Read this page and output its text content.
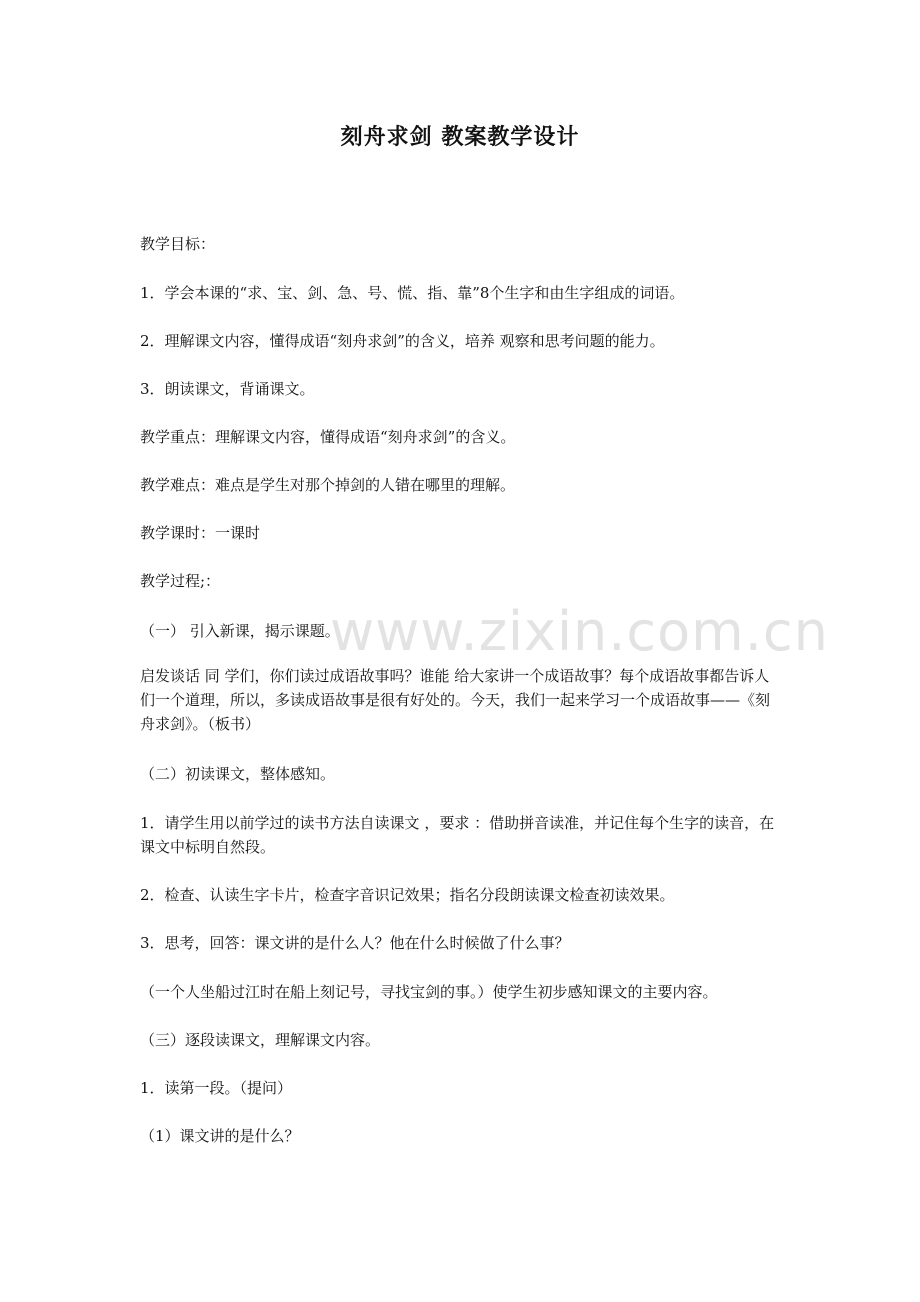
www.zixin.com.cn
刻舟求剑 教案教学设计

教学目标：

1．学会本课的“求、宝、剑、急、号、慌、指、靠”8个生字和由生字组成的词语。

2．理解课文内容，懂得成语“刻舟求剑”的含义，培养 观察和思考问题的能力。

3．朗读课文，背诵课文。

教学重点：理解课文内容，懂得成语“刻舟求剑”的含义。

教学难点：难点是学生对那个掉剑的人错在哪里的理解。

教学课时：一课时

教学过程;：

（一） 引入新课，揭示课题。

启发谈话 同 学们，你们读过成语故事吗？谁能 给大家讲一个成语故事？每个成语故事都告诉人们一个道理，所以，多读成语故事是很有好处的。今天，我们一起来学习一个成语故事——《刻舟求剑》。（板书）

（二）初读课文，整体感知。

1．请学生用以前学过的读书方法自读课文 ，要求 ：借助拼音读准，并记住每个生字的读音，在课文中标明自然段。

2．检查、认读生字卡片，检查字音识记效果；指名分段朗读课文检查初读效果。

3．思考，回答：课文讲的是什么人？他在什么时候做了什么事？

（一个人坐船过江时在船上刻记号，寻找宝剑的事。）使学生初步感知课文的主要内容。

（三）逐段读课文，理解课文内容。

1．读第一段。（提问）

（1）课文讲的是什么？
